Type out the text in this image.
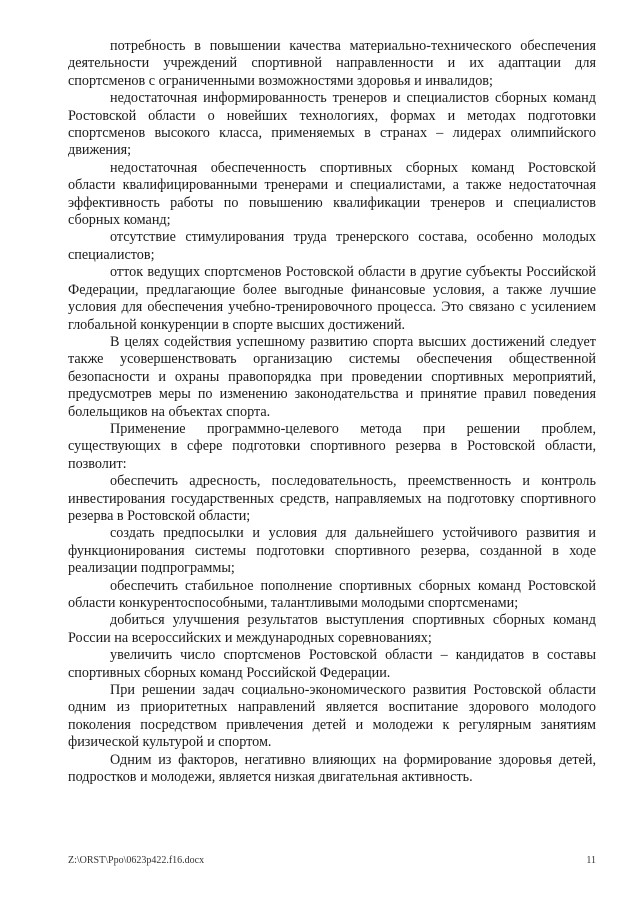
потребность в повышении качества материально-технического обеспечения деятельности учреждений спортивной направленности и их адаптации для спортсменов с ограниченными возможностями здоровья и инвалидов;

недостаточная информированность тренеров и специалистов сборных команд Ростовской области о новейших технологиях, формах и методах подготовки спортсменов высокого класса, применяемых в странах – лидерах олимпийского движения;

недостаточная обеспеченность спортивных сборных команд Ростовской области квалифицированными тренерами и специалистами, а также недостаточная эффективность работы по повышению квалификации тренеров и специалистов сборных команд;

отсутствие стимулирования труда тренерского состава, особенно молодых специалистов;

отток ведущих спортсменов Ростовской области в другие субъекты Российской Федерации, предлагающие более выгодные финансовые условия, а также лучшие условия для обеспечения учебно-тренировочного процесса. Это связано с усилением глобальной конкуренции в спорте высших достижений.

В целях содействия успешному развитию спорта высших достижений следует также усовершенствовать организацию системы обеспечения общественной безопасности и охраны правопорядка при проведении спортивных мероприятий, предусмотрев меры по изменению законодательства и принятие правил поведения болельщиков на объектах спорта.

Применение программно-целевого метода при решении проблем, существующих в сфере подготовки спортивного резерва в Ростовской области, позволит:

обеспечить адресность, последовательность, преемственность и контроль инвестирования государственных средств, направляемых на подготовку спортивного резерва в Ростовской области;

создать предпосылки и условия для дальнейшего устойчивого развития и функционирования системы подготовки спортивного резерва, созданной в ходе реализации подпрограммы;

обеспечить стабильное пополнение спортивных сборных команд Ростовской области конкурентоспособными, талантливыми молодыми спортсменами;

добиться улучшения результатов выступления спортивных сборных команд России на всероссийских и международных соревнованиях;

увеличить число спортсменов Ростовской области – кандидатов в составы спортивных сборных команд Российской Федерации.

При решении задач социально-экономического развития Ростовской области одним из приоритетных направлений является воспитание здорового молодого поколения посредством привлечения детей и молодежи к регулярным занятиям физической культурой и спортом.

Одним из факторов, негативно влияющих на формирование здоровья детей, подростков и молодежи, является низкая двигательная активность.

Z:\ORST\Ppo\0623p422.f16.docx	11
